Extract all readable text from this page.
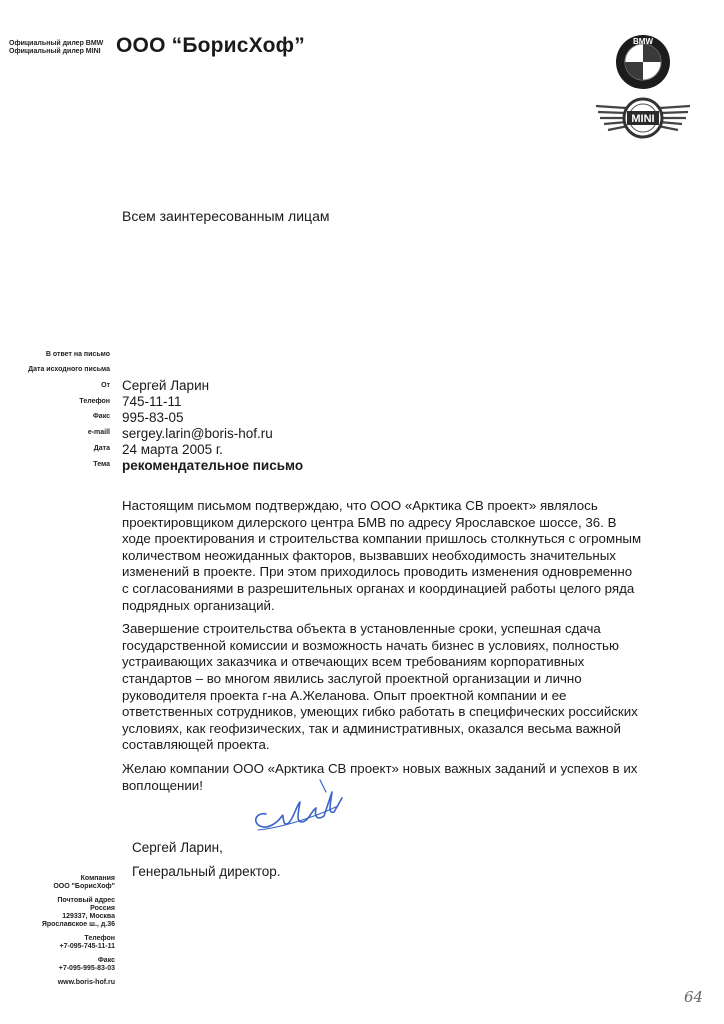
Официальный дилер BMW
Официальный дилер MINI ООО “БорисХоф”	BMW
MINI
Всем заинтересованным лицам
В ответ на письмо
Дата исходного письма
От
Телефон
Факс
e-maill
Дата
Тема
Сергей Ларин
745-11-11
995-83-05
sergey.larin@boris-hof.ru
24 марта 2005 г.
рекомендательное письмо

Настоящим письмом подтверждаю, что ООО «Арктика СВ проект» являлось проектировщиком дилерского центра БМВ по адресу Ярославское шоссе, 36. В ходе проектирования и строительства компании пришлось столкнуться с огромным количеством неожиданных факторов, вызвавших необходимость значительных изменений в проекте. При этом приходилось проводить изменения одновременно с согласованиями в разрешительных органах и координацией работы целого ряда подрядных организаций.

Завершение строительства объекта в установленные сроки, успешная сдача государственной комиссии и возможность начать бизнес в условиях, полностью устраивающих заказчика и отвечающих всем требованиям корпоративных стандартов – во многом явились заслугой проектной организации и лично руководителя проекта г-на А.Желанова. Опыт проектной компании и ее ответственных сотрудников, умеющих гибко работать в специфических российских условиях, как геофизических, так и административных, оказался весьма важной составляющей проекта.

Желаю компании ООО «Арктика СВ проект» новых важных заданий и успехов в их воплощении!

Сергей Ларин,
Генеральный директор.
Компания
ООО "БорисХоф"
Почтовый адрес
Россия
129337, Москва
Ярославское ш., д.36
Телефон
+7-095-745-11-11
Факс
+7-095-995-83-03
www.boris-hof.ru
64
